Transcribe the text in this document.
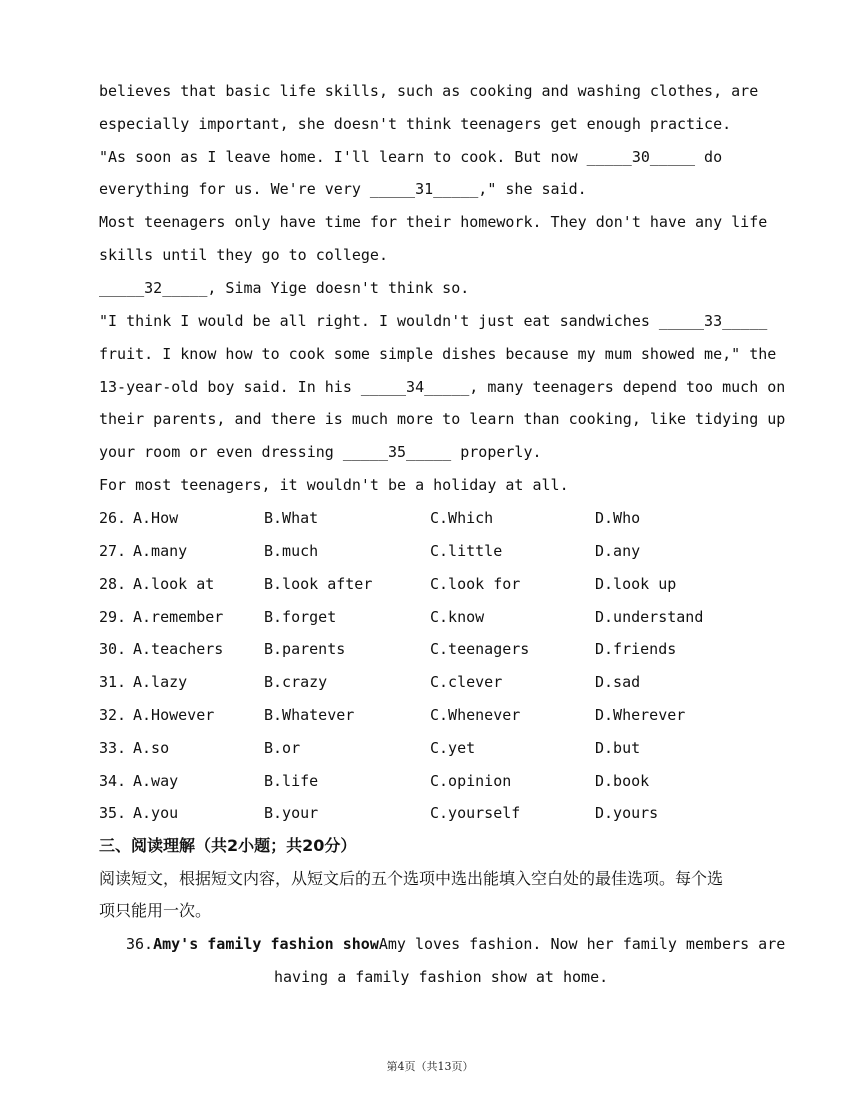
believes that basic life skills, such as cooking and washing clothes, are
especially important, she doesn't think teenagers get enough practice.
"As soon as I leave home. I'll learn to cook. But now _____30_____ do
everything for us. We're very _____31_____," she said.
Most teenagers only have time for their homework. They don't have any life
skills until they go to college.
_____32_____, Sima Yige doesn't think so.
"I think I would be all right. I wouldn't just eat sandwiches _____33_____
fruit. I know how to cook some simple dishes because my mum showed me," the
13-year-old boy said. In his _____34_____, many teenagers depend too much on
their parents, and there is much more to learn than cooking, like tidying up
your room or even dressing _____35_____ properly.
For most teenagers, it wouldn't be a holiday at all.
26. A.How	B.What	C.Which	D.Who
27. A.many	B.much	C.little	D.any
28. A.look at	B.look after	C.look for	D.look up
29. A.remember	B.forget	C.know	D.understand
30. A.teachers	B.parents	C.teenagers	D.friends
31. A.lazy	B.crazy	C.clever	D.sad
32. A.However	B.Whatever	C.Whenever	D.Wherever
33. A.so	B.or	C.yet	D.but
34. A.way	B.life	C.opinion	D.book
35. A.you	B.your	C.yourself	D.yours
三、阅读理解（共2小题；共20分）
阅读短文，根据短文内容，从短文后的五个选项中选出能填入空白处的最佳选项。每个选
项只能用一次。
36.Amy's family fashion showAmy loves fashion. Now her family members are
having a family fashion show at home.
第4页（共13页）
